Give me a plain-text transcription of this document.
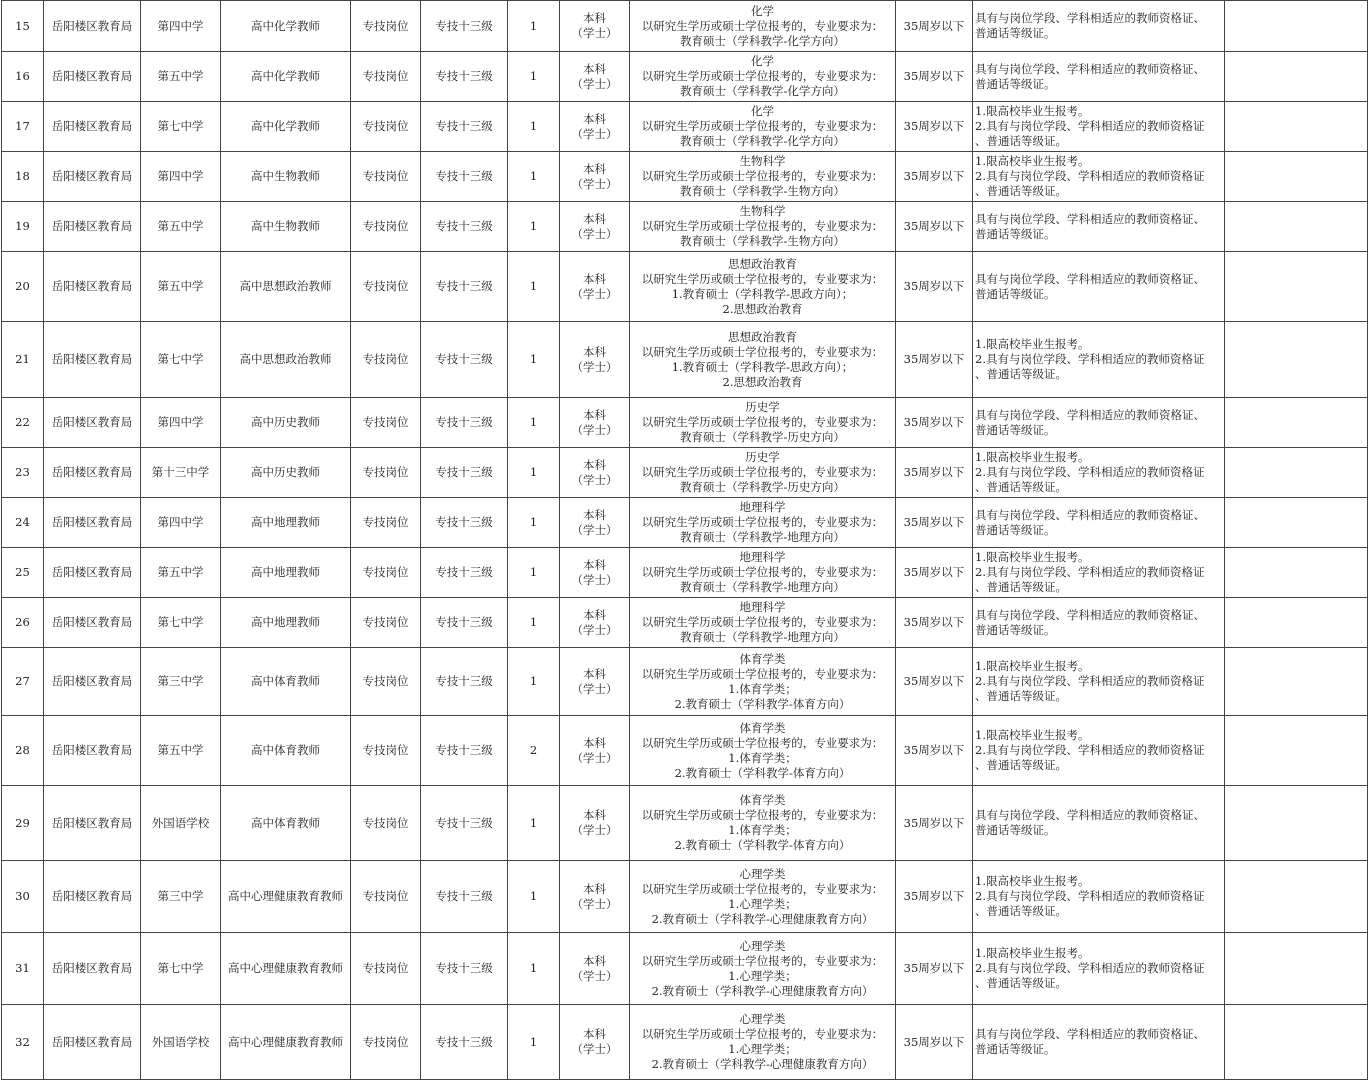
15	岳阳楼区教育局	第四中学	高中化学教师	专技岗位	专技十三级	1	本科
（学士）	化学
以研究生学历或硕士学位报考的，专业要求为：
教育硕士（学科教学-化学方向）	35周岁以下	具有与岗位学段、学科相适应的教师资格证、
普通话等级证。	

16	岳阳楼区教育局	第五中学	高中化学教师	专技岗位	专技十三级	1	本科
（学士）	化学
以研究生学历或硕士学位报考的，专业要求为：
教育硕士（学科教学-化学方向）	35周岁以下	具有与岗位学段、学科相适应的教师资格证、
普通话等级证。	

17	岳阳楼区教育局	第七中学	高中化学教师	专技岗位	专技十三级	1	本科
（学士）	化学
以研究生学历或硕士学位报考的，专业要求为：
教育硕士（学科教学-化学方向）	35周岁以下	1.限高校毕业生报考。
2.具有与岗位学段、学科相适应的教师资格证
、普通话等级证。	

18	岳阳楼区教育局	第四中学	高中生物教师	专技岗位	专技十三级	1	本科
（学士）	生物科学
以研究生学历或硕士学位报考的，专业要求为：
教育硕士（学科教学-生物方向）	35周岁以下	1.限高校毕业生报考。
2.具有与岗位学段、学科相适应的教师资格证
、普通话等级证。	

19	岳阳楼区教育局	第五中学	高中生物教师	专技岗位	专技十三级	1	本科
（学士）	生物科学
以研究生学历或硕士学位报考的，专业要求为：
教育硕士（学科教学-生物方向）	35周岁以下	具有与岗位学段、学科相适应的教师资格证、
普通话等级证。	

20	岳阳楼区教育局	第五中学	高中思想政治教师	专技岗位	专技十三级	1	本科
（学士）	思想政治教育
以研究生学历或硕士学位报考的，专业要求为：
1.教育硕士（学科教学-思政方向）；
2.思想政治教育	35周岁以下	具有与岗位学段、学科相适应的教师资格证、
普通话等级证。	

21	岳阳楼区教育局	第七中学	高中思想政治教师	专技岗位	专技十三级	1	本科
（学士）	思想政治教育
以研究生学历或硕士学位报考的，专业要求为：
1.教育硕士（学科教学-思政方向）；
2.思想政治教育	35周岁以下	1.限高校毕业生报考。
2.具有与岗位学段、学科相适应的教师资格证
、普通话等级证。	

22	岳阳楼区教育局	第四中学	高中历史教师	专技岗位	专技十三级	1	本科
（学士）	历史学
以研究生学历或硕士学位报考的，专业要求为：
教育硕士（学科教学-历史方向）	35周岁以下	具有与岗位学段、学科相适应的教师资格证、
普通话等级证。	

23	岳阳楼区教育局	第十三中学	高中历史教师	专技岗位	专技十三级	1	本科
（学士）	历史学
以研究生学历或硕士学位报考的，专业要求为：
教育硕士（学科教学-历史方向）	35周岁以下	1.限高校毕业生报考。
2.具有与岗位学段、学科相适应的教师资格证
、普通话等级证。	

24	岳阳楼区教育局	第四中学	高中地理教师	专技岗位	专技十三级	1	本科
（学士）	地理科学
以研究生学历或硕士学位报考的，专业要求为：
教育硕士（学科教学-地理方向）	35周岁以下	具有与岗位学段、学科相适应的教师资格证、
普通话等级证。	

25	岳阳楼区教育局	第五中学	高中地理教师	专技岗位	专技十三级	1	本科
（学士）	地理科学
以研究生学历或硕士学位报考的，专业要求为：
教育硕士（学科教学-地理方向）	35周岁以下	1.限高校毕业生报考。
2.具有与岗位学段、学科相适应的教师资格证
、普通话等级证。	

26	岳阳楼区教育局	第七中学	高中地理教师	专技岗位	专技十三级	1	本科
（学士）	地理科学
以研究生学历或硕士学位报考的，专业要求为：
教育硕士（学科教学-地理方向）	35周岁以下	具有与岗位学段、学科相适应的教师资格证、
普通话等级证。	

27	岳阳楼区教育局	第三中学	高中体育教师	专技岗位	专技十三级	1	本科
（学士）	体育学类
以研究生学历或硕士学位报考的，专业要求为：
1.体育学类；
2.教育硕士（学科教学-体育方向）	35周岁以下	1.限高校毕业生报考。
2.具有与岗位学段、学科相适应的教师资格证
、普通话等级证。	

28	岳阳楼区教育局	第五中学	高中体育教师	专技岗位	专技十三级	2	本科
（学士）	体育学类
以研究生学历或硕士学位报考的，专业要求为：
1.体育学类；
2.教育硕士（学科教学-体育方向）	35周岁以下	1.限高校毕业生报考。
2.具有与岗位学段、学科相适应的教师资格证
、普通话等级证。	

29	岳阳楼区教育局	外国语学校	高中体育教师	专技岗位	专技十三级	1	本科
（学士）	体育学类
以研究生学历或硕士学位报考的，专业要求为：
1.体育学类；
2.教育硕士（学科教学-体育方向）	35周岁以下	具有与岗位学段、学科相适应的教师资格证、
普通话等级证。	

30	岳阳楼区教育局	第三中学	高中心理健康教育教师	专技岗位	专技十三级	1	本科
（学士）	心理学类
以研究生学历或硕士学位报考的，专业要求为：
1.心理学类；
2.教育硕士（学科教学-心理健康教育方向）	35周岁以下	1.限高校毕业生报考。
2.具有与岗位学段、学科相适应的教师资格证
、普通话等级证。	

31	岳阳楼区教育局	第七中学	高中心理健康教育教师	专技岗位	专技十三级	1	本科
（学士）	心理学类
以研究生学历或硕士学位报考的，专业要求为：
1.心理学类；
2.教育硕士（学科教学-心理健康教育方向）	35周岁以下	1.限高校毕业生报考。
2.具有与岗位学段、学科相适应的教师资格证
、普通话等级证。	

32	岳阳楼区教育局	外国语学校	高中心理健康教育教师	专技岗位	专技十三级	1	本科
（学士）	心理学类
以研究生学历或硕士学位报考的，专业要求为：
1.心理学类；
2.教育硕士（学科教学-心理健康教育方向）	35周岁以下	具有与岗位学段、学科相适应的教师资格证、
普通话等级证。	
